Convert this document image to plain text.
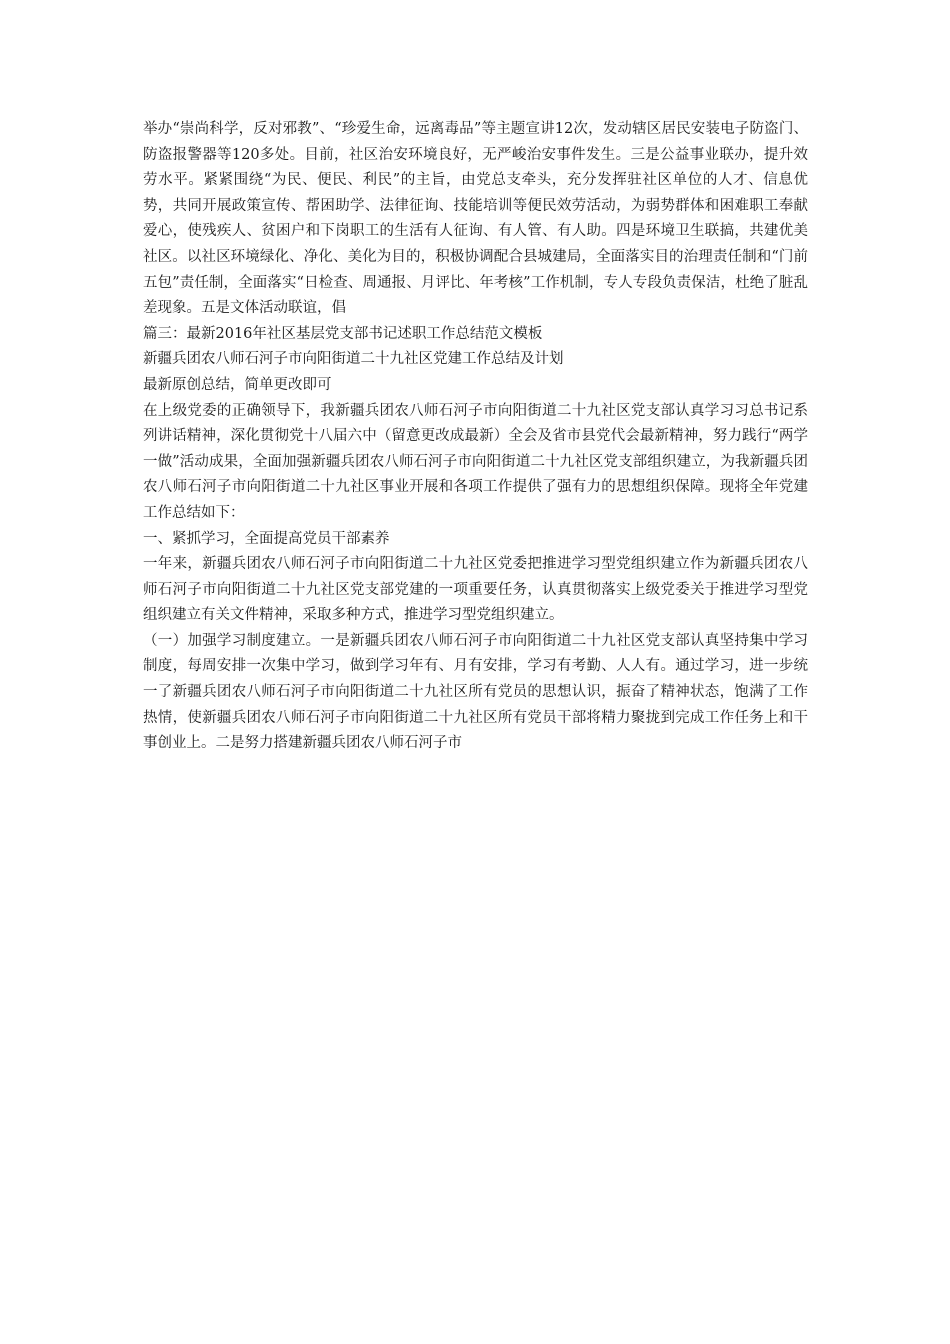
举办“崇尚科学，反对邪教”、“珍爱生命，远离毒品”等主题宣讲12次，发动辖区居民安装电子防盗门、防盗报警器等120多处。目前，社区治安环境良好，无严峻治安事件发生。三是公益事业联办，提升效劳水平。紧紧围绕“为民、便民、利民”的主旨，由党总支牵头，充分发挥驻社区单位的人才、信息优势，共同开展政策宣传、帮困助学、法律征询、技能培训等便民效劳活动，为弱势群体和困难职工奉献爱心，使残疾人、贫困户和下岗职工的生活有人征询、有人管、有人助。四是环境卫生联搞，共建优美社区。以社区环境绿化、净化、美化为目的，积极协调配合县城建局，全面落实目的治理责任制和“门前五包”责任制，全面落实“日检查、周通报、月评比、年考核”工作机制，专人专段负责保洁，杜绝了脏乱差现象。五是文体活动联谊，倡

篇三：最新2016年社区基层党支部书记述职工作总结范文模板

新疆兵团农八师石河子市向阳街道二十九社区党建工作总结及计划

最新原创总结，简单更改即可

在上级党委的正确领导下，我新疆兵团农八师石河子市向阳街道二十九社区党支部认真学习习总书记系列讲话精神，深化贯彻党十八届六中（留意更改成最新）全会及省市县党代会最新精神，努力践行“两学一做”活动成果，全面加强新疆兵团农八师石河子市向阳街道二十九社区党支部组织建立，为我新疆兵团农八师石河子市向阳街道二十九社区事业开展和各项工作提供了强有力的思想组织保障。现将全年党建工作总结如下：

一、紧抓学习，全面提高党员干部素养

一年来，新疆兵团农八师石河子市向阳街道二十九社区党委把推进学习型党组织建立作为新疆兵团农八师石河子市向阳街道二十九社区党支部党建的一项重要任务，认真贯彻落实上级党委关于推进学习型党组织建立有关文件精神，采取多种方式，推进学习型党组织建立。

（一）加强学习制度建立。一是新疆兵团农八师石河子市向阳街道二十九社区党支部认真坚持集中学习制度，每周安排一次集中学习，做到学习年有、月有安排，学习有考勤、人人有。通过学习，进一步统一了新疆兵团农八师石河子市向阳街道二十九社区所有党员的思想认识，振奋了精神状态，饱满了工作热情，使新疆兵团农八师石河子市向阳街道二十九社区所有党员干部将精力聚拢到完成工作任务上和干事创业上。二是努力搭建新疆兵团农八师石河子市
